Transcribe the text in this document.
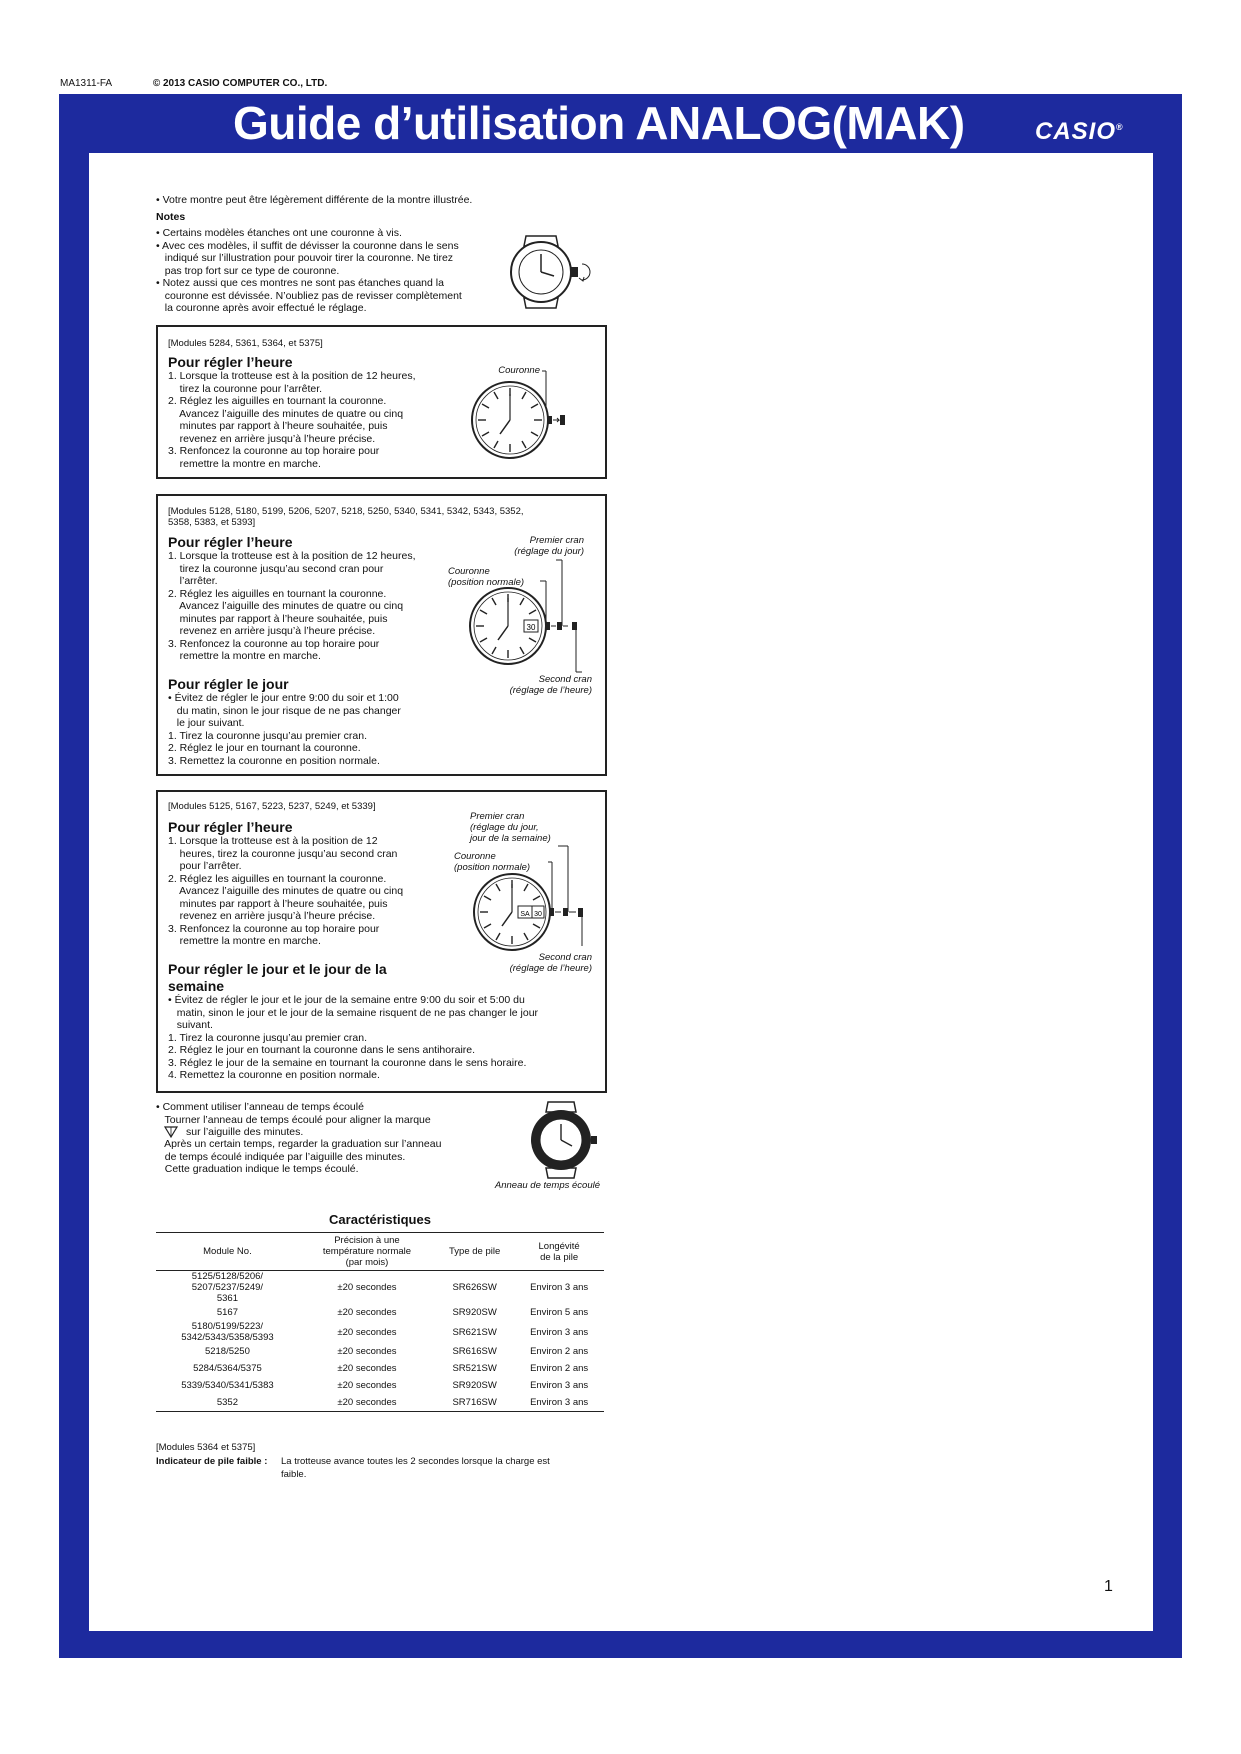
MA1311-FA	© 2013 CASIO COMPUTER CO., LTD.
Guide d’utilisation ANALOG(MAK)	CASIO®
• Votre montre peut être légèrement différente de la montre illustrée.
Notes
• Certains modèles étanches ont une couronne à vis.
• Avec ces modèles, il suffit de dévisser la couronne dans le sens
indiqué sur l’illustration pour pouvoir tirer la couronne. Ne tirez
pas trop fort sur ce type de couronne.
• Notez aussi que ces montres ne sont pas étanches quand la
couronne est dévissée. N’oubliez pas de revisser complètement
la couronne après avoir effectué le réglage.
[Modules 5284, 5361, 5364, et 5375]
Pour régler l’heure
1. Lorsque la trotteuse est à la position de 12 heures,
tirez la couronne pour l’arrêter.
2. Réglez les aiguilles en tournant la couronne.
Avancez l’aiguille des minutes de quatre ou cinq
minutes par rapport à l’heure souhaitée, puis
revenez en arrière jusqu’à l’heure précise.
3. Renfoncez la couronne au top horaire pour
remettre la montre en marche.
Couronne
[Modules 5128, 5180, 5199, 5206, 5207, 5218, 5250, 5340, 5341, 5342, 5343, 5352,
5358, 5383, et 5393]
Pour régler l’heure
1. Lorsque la trotteuse est à la position de 12 heures,
tirez la couronne jusqu’au second cran pour
l’arrêter.
2. Réglez les aiguilles en tournant la couronne.
Avancez l’aiguille des minutes de quatre ou cinq
minutes par rapport à l’heure souhaitée, puis
revenez en arrière jusqu’à l’heure précise.
3. Renfoncez la couronne au top horaire pour
remettre la montre en marche.
Pour régler le jour
• Évitez de régler le jour entre 9:00 du soir et 1:00
du matin, sinon le jour risque de ne pas changer
le jour suivant.
1. Tirez la couronne jusqu’au premier cran.
2. Réglez le jour en tournant la couronne.
3. Remettez la couronne en position normale.
Premier cran
(réglage du jour)
Couronne
(position normale)
Second cran
(réglage de l’heure)
30
[Modules 5125, 5167, 5223, 5237, 5249, et 5339]
Pour régler l’heure
1. Lorsque la trotteuse est à la position de 12
heures, tirez la couronne jusqu’au second cran
pour l’arrêter.
2. Réglez les aiguilles en tournant la couronne.
Avancez l’aiguille des minutes de quatre ou cinq
minutes par rapport à l’heure souhaitée, puis
revenez en arrière jusqu’à l’heure précise.
3. Renfoncez la couronne au top horaire pour
remettre la montre en marche.
Pour régler le jour et le jour de la
semaine
• Évitez de régler le jour et le jour de la semaine entre 9:00 du soir et 5:00 du
matin, sinon le jour et le jour de la semaine risquent de ne pas changer le jour
suivant.
1. Tirez la couronne jusqu’au premier cran.
2. Réglez le jour en tournant la couronne dans le sens antihoraire.
3. Réglez le jour de la semaine en tournant la couronne dans le sens horaire.
4. Remettez la couronne en position normale.
Premier cran
(réglage du jour,
jour de la semaine)
Couronne
(position normale)
Second cran
(réglage de l’heure)
SA 30
• Comment utiliser l’anneau de temps écoulé
Tourner l’anneau de temps écoulé pour aligner la marque
sur l’aiguille des minutes.
Après un certain temps, regarder la graduation sur l’anneau
de temps écoulé indiquée par l’aiguille des minutes.
Cette graduation indique le temps écoulé.
Anneau de temps écoulé
Caractéristiques
Module No.	Précision à une
température normale
(par mois)	Type de pile	Longévité
de la pile
5125/5128/5206/
5207/5237/5249/
5361	±20 secondes	SR626SW	Environ 3 ans
5167	±20 secondes	SR920SW	Environ 5 ans
5180/5199/5223/
5342/5343/5358/5393	±20 secondes	SR621SW	Environ 3 ans
5218/5250	±20 secondes	SR616SW	Environ 2 ans
5284/5364/5375	±20 secondes	SR521SW	Environ 2 ans
5339/5340/5341/5383	±20 secondes	SR920SW	Environ 3 ans
5352	±20 secondes	SR716SW	Environ 3 ans
[Modules 5364 et 5375]
Indicateur de pile faible : La trotteuse avance toutes les 2 secondes lorsque la charge est
faible.
1
